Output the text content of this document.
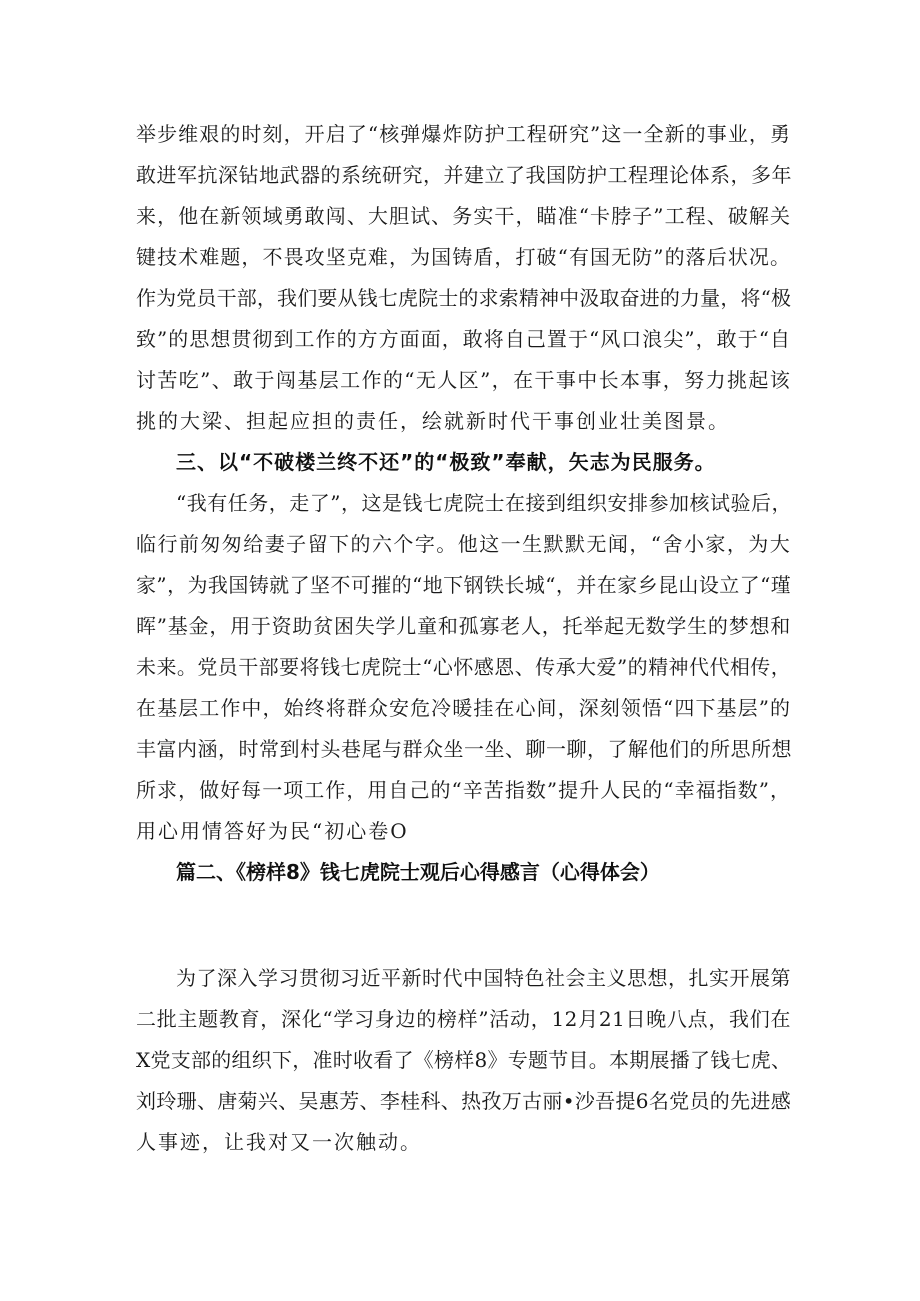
举步维艰的时刻，开启了“核弹爆炸防护工程研究”这一全新的事业，勇
敢进军抗深钻地武器的系统研究，并建立了我国防护工程理论体系，多年
来，他在新领域勇敢闯、大胆试、务实干，瞄准“卡脖子”工程、破解关
键技术难题，不畏攻坚克难，为国铸盾，打破“有国无防”的落后状况。
作为党员干部，我们要从钱七虎院士的求索精神中汲取奋进的力量，将“极
致”的思想贯彻到工作的方方面面，敢将自己置于“风口浪尖”，敢于“自
讨苦吃”、敢于闯基层工作的“无人区”，在干事中长本事，努力挑起该
挑的大梁、担起应担的责任，绘就新时代干事创业壮美图景。
三、以“不破楼兰终不还”的“极致”奉献，矢志为民服务。
“我有任务，走了”，这是钱七虎院士在接到组织安排参加核试验后，
临行前匆匆给妻子留下的六个字。他这一生默默无闻，“舍小家，为大
家”，为我国铸就了坚不可摧的“地下钢铁长城“，并在家乡昆山设立了“瑾
晖”基金，用于资助贫困失学儿童和孤寡老人，托举起无数学生的梦想和
未来。党员干部要将钱七虎院士“心怀感恩、传承大爱”的精神代代相传，
在基层工作中，始终将群众安危冷暖挂在心间，深刻领悟“四下基层”的
丰富内涵，时常到村头巷尾与群众坐一坐、聊一聊，了解他们的所思所想
所求，做好每一项工作，用自己的“辛苦指数”提升人民的“幸福指数”，
用心用情答好为民“初心卷O
篇二、《榜样8》钱七虎院士观后心得感言（心得体会）
为了深入学习贯彻习近平新时代中国特色社会主义思想，扎实开展第
二批主题教育，深化“学习身边的榜样”活动，12月21日晚八点，我们在
X党支部的组织下，准时收看了《榜样8》专题节目。本期展播了钱七虎、
刘玲珊、唐菊兴、吴惠芳、李桂科、热孜万古丽•沙吾提6名党员的先进感
人事迹，让我对又一次触动。
